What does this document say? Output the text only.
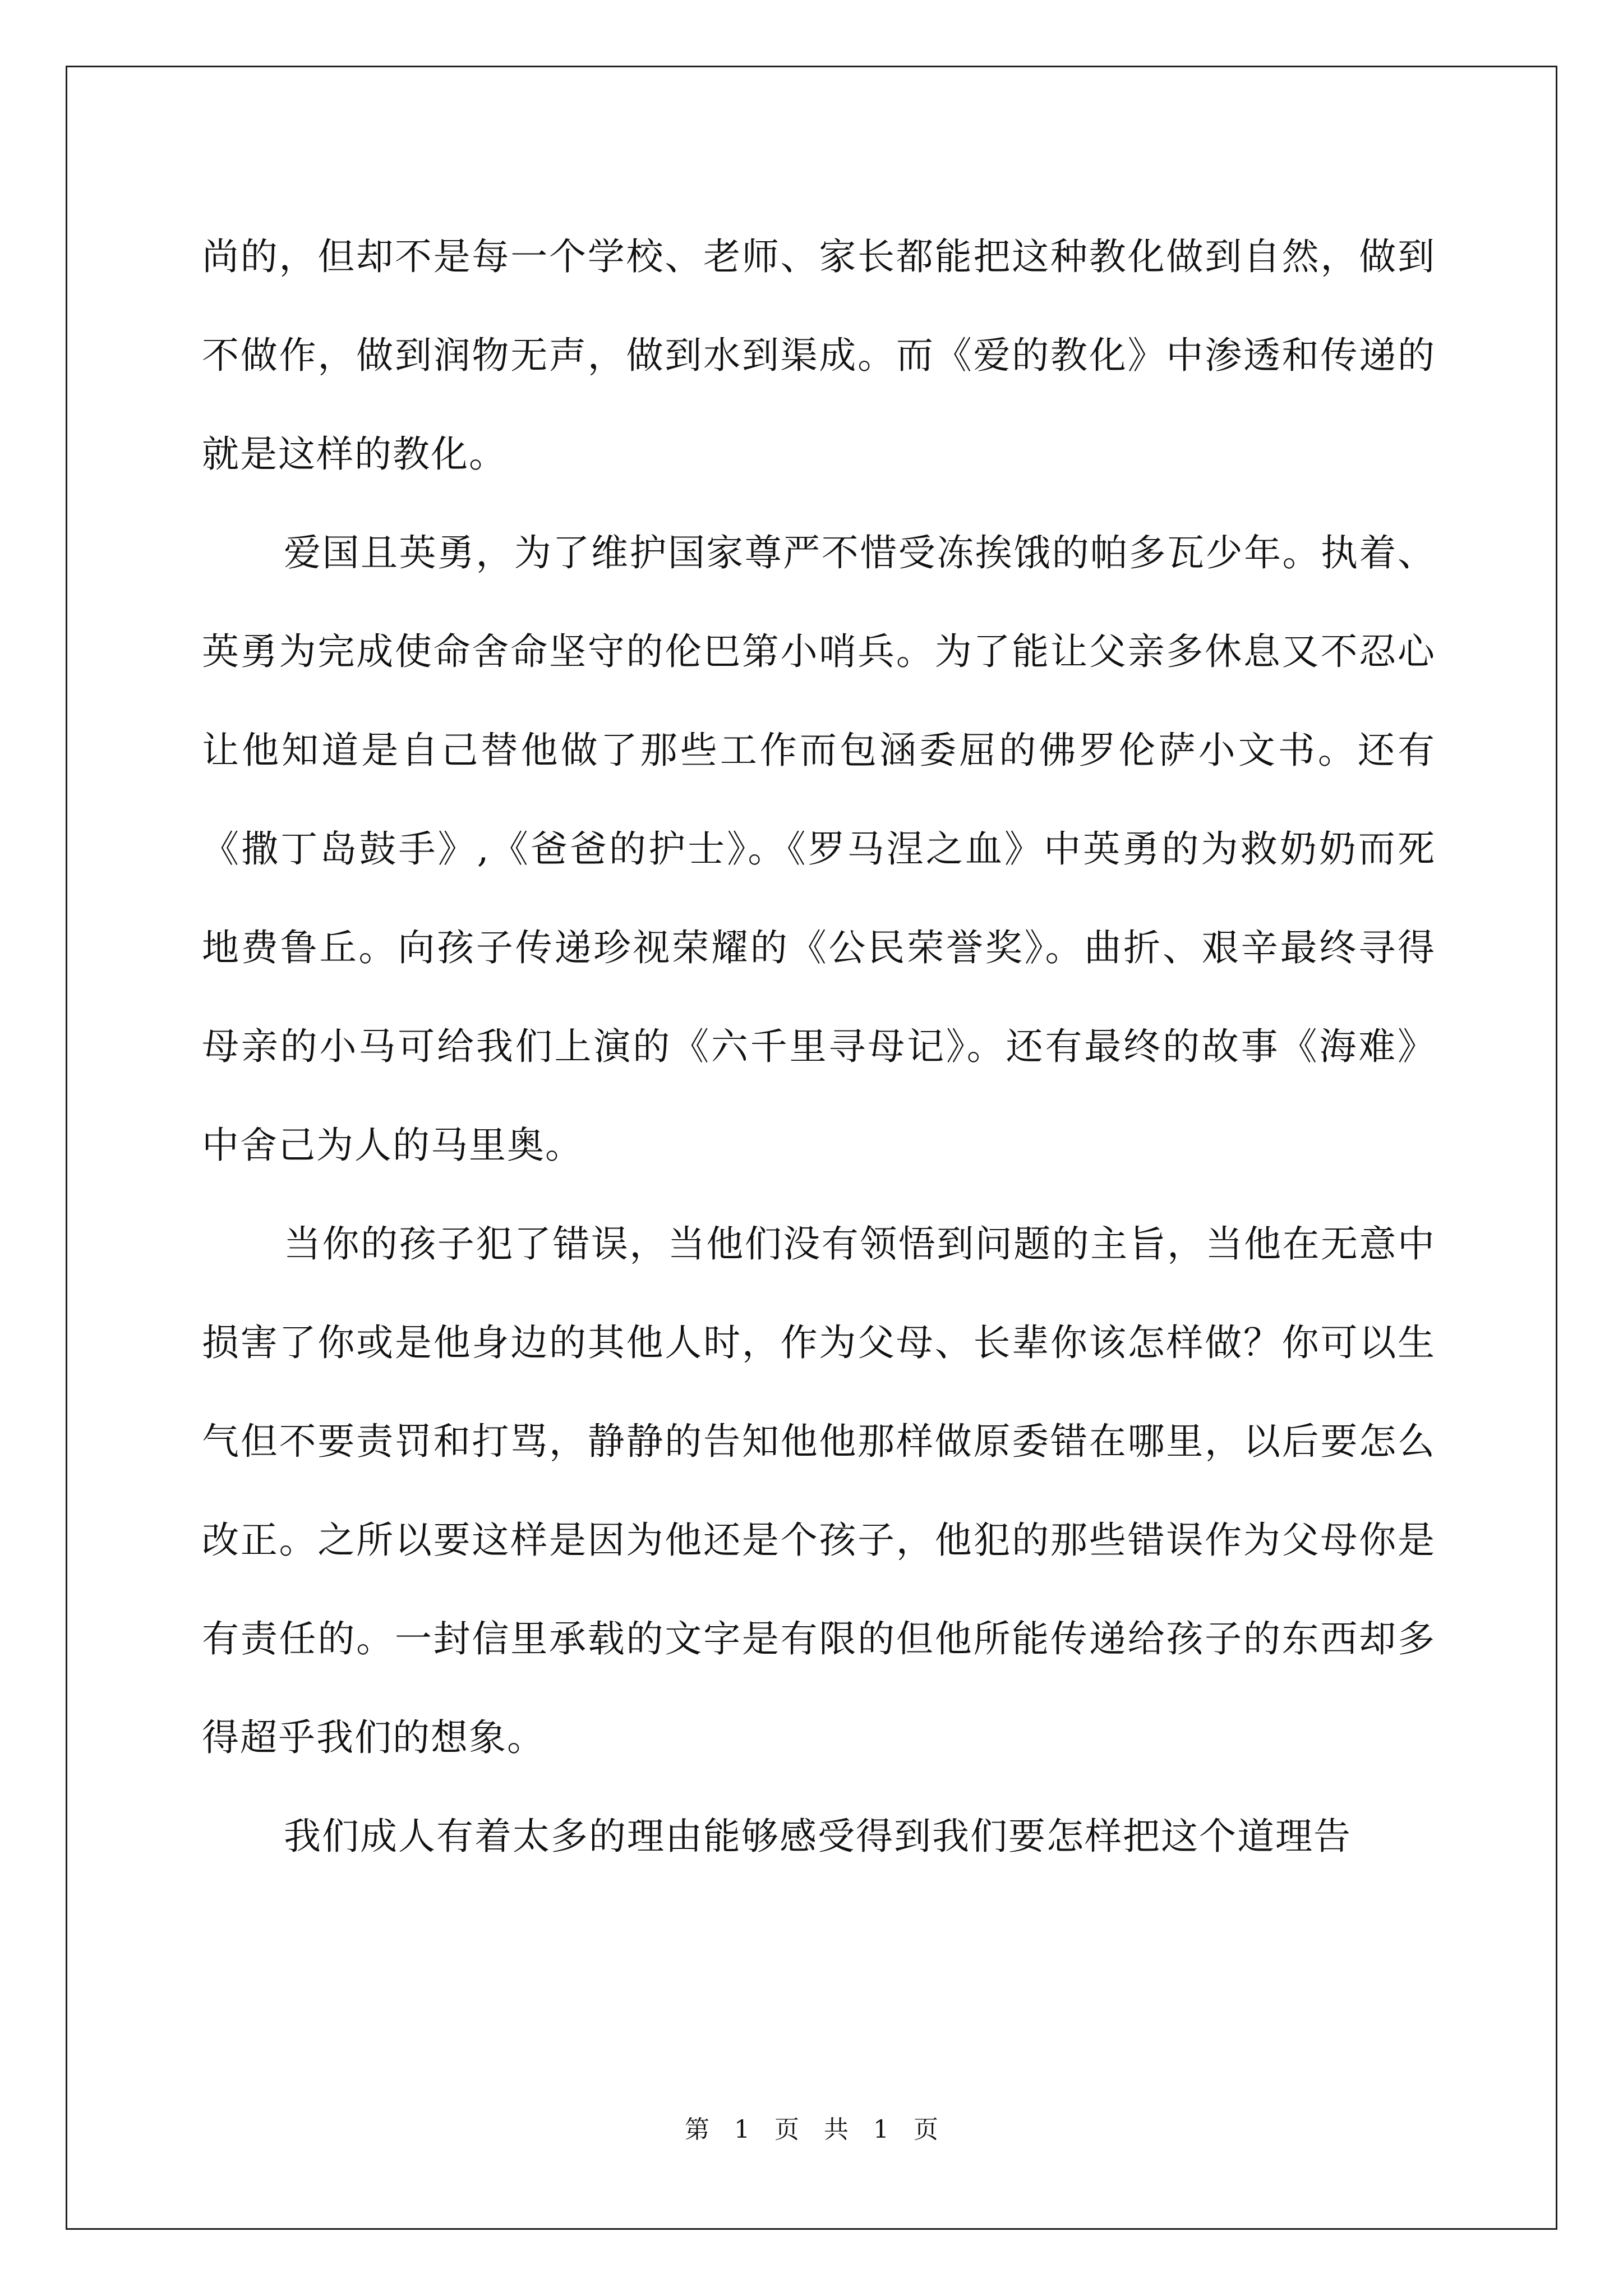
尚的，但却不是每一个学校、老师、家长都能把这种教化做到自然，做到不做作，做到润物无声，做到水到渠成。而《爱的教化》中渗透和传递的就是这样的教化。

爱国且英勇，为了维护国家尊严不惜受冻挨饿的帕多瓦少年。执着、英勇为完成使命舍命坚守的伦巴第小哨兵。为了能让父亲多休息又不忍心让他知道是自己替他做了那些工作而包涵委屈的佛罗伦萨小文书。还有《撒丁岛鼓手》,《爸爸的护士》。《罗马涅之血》中英勇的为救奶奶而死地费鲁丘。向孩子传递珍视荣耀的《公民荣誉奖》。曲折、艰辛最终寻得母亲的小马可给我们上演的《六千里寻母记》。还有最终的故事《海难》中舍己为人的马里奥。

当你的孩子犯了错误，当他们没有领悟到问题的主旨，当他在无意中损害了你或是他身边的其他人时，作为父母、长辈你该怎样做？你可以生气但不要责罚和打骂，静静的告知他他那样做原委错在哪里，以后要怎么改正。之所以要这样是因为他还是个孩子，他犯的那些错误作为父母你是有责任的。一封信里承载的文字是有限的但他所能传递给孩子的东西却多得超乎我们的想象。

我们成人有着太多的理由能够感受得到我们要怎样把这个道理告

第 1 页　共 1 页
